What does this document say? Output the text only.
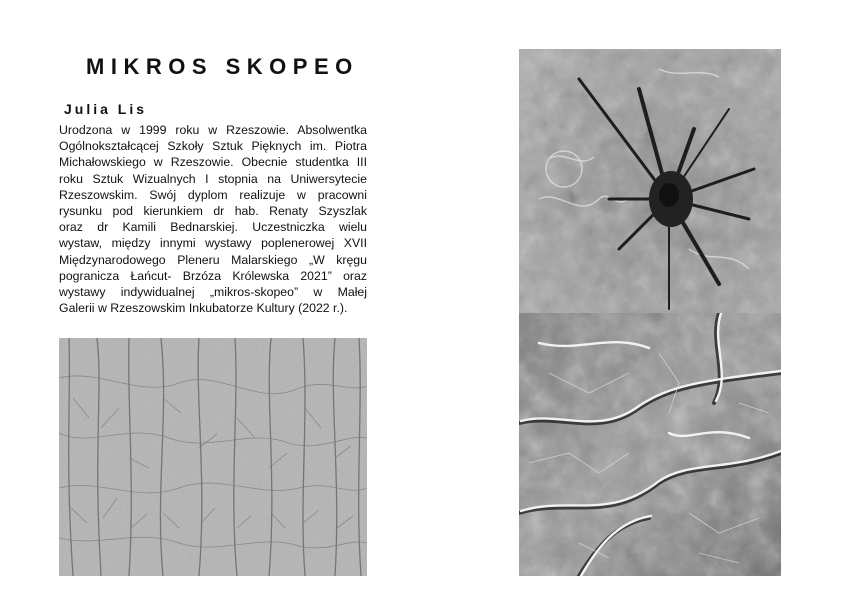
MIKROS SKOPEO
Julia Lis
Urodzona w 1999 roku w Rzeszowie. Absolwentka
Ogólnokształcącej Szkoły Sztuk Pięknych im. Piotra
Michałowskiego w Rzeszowie. Obecnie studentka III
roku Sztuk Wizualnych I stopnia na Uniwersytecie
Rzeszowskim. Swój dyplom realizuje w pracowni
rysunku pod kierunkiem dr hab. Renaty Szyszlak
oraz dr Kamili Bednarskiej. Uczestniczka wielu
wystaw, między innymi wystawy poplenerowej XVII
Międzynarodowego Pleneru Malarskiego „W kręgu
pogranicza Łańcut- Brzóza Królewska 2021” oraz
wystawy indywidualnej „mikros-skopeo” w Małej
Galerii w Rzeszowskim Inkubatorze Kultury (2022 r.).
